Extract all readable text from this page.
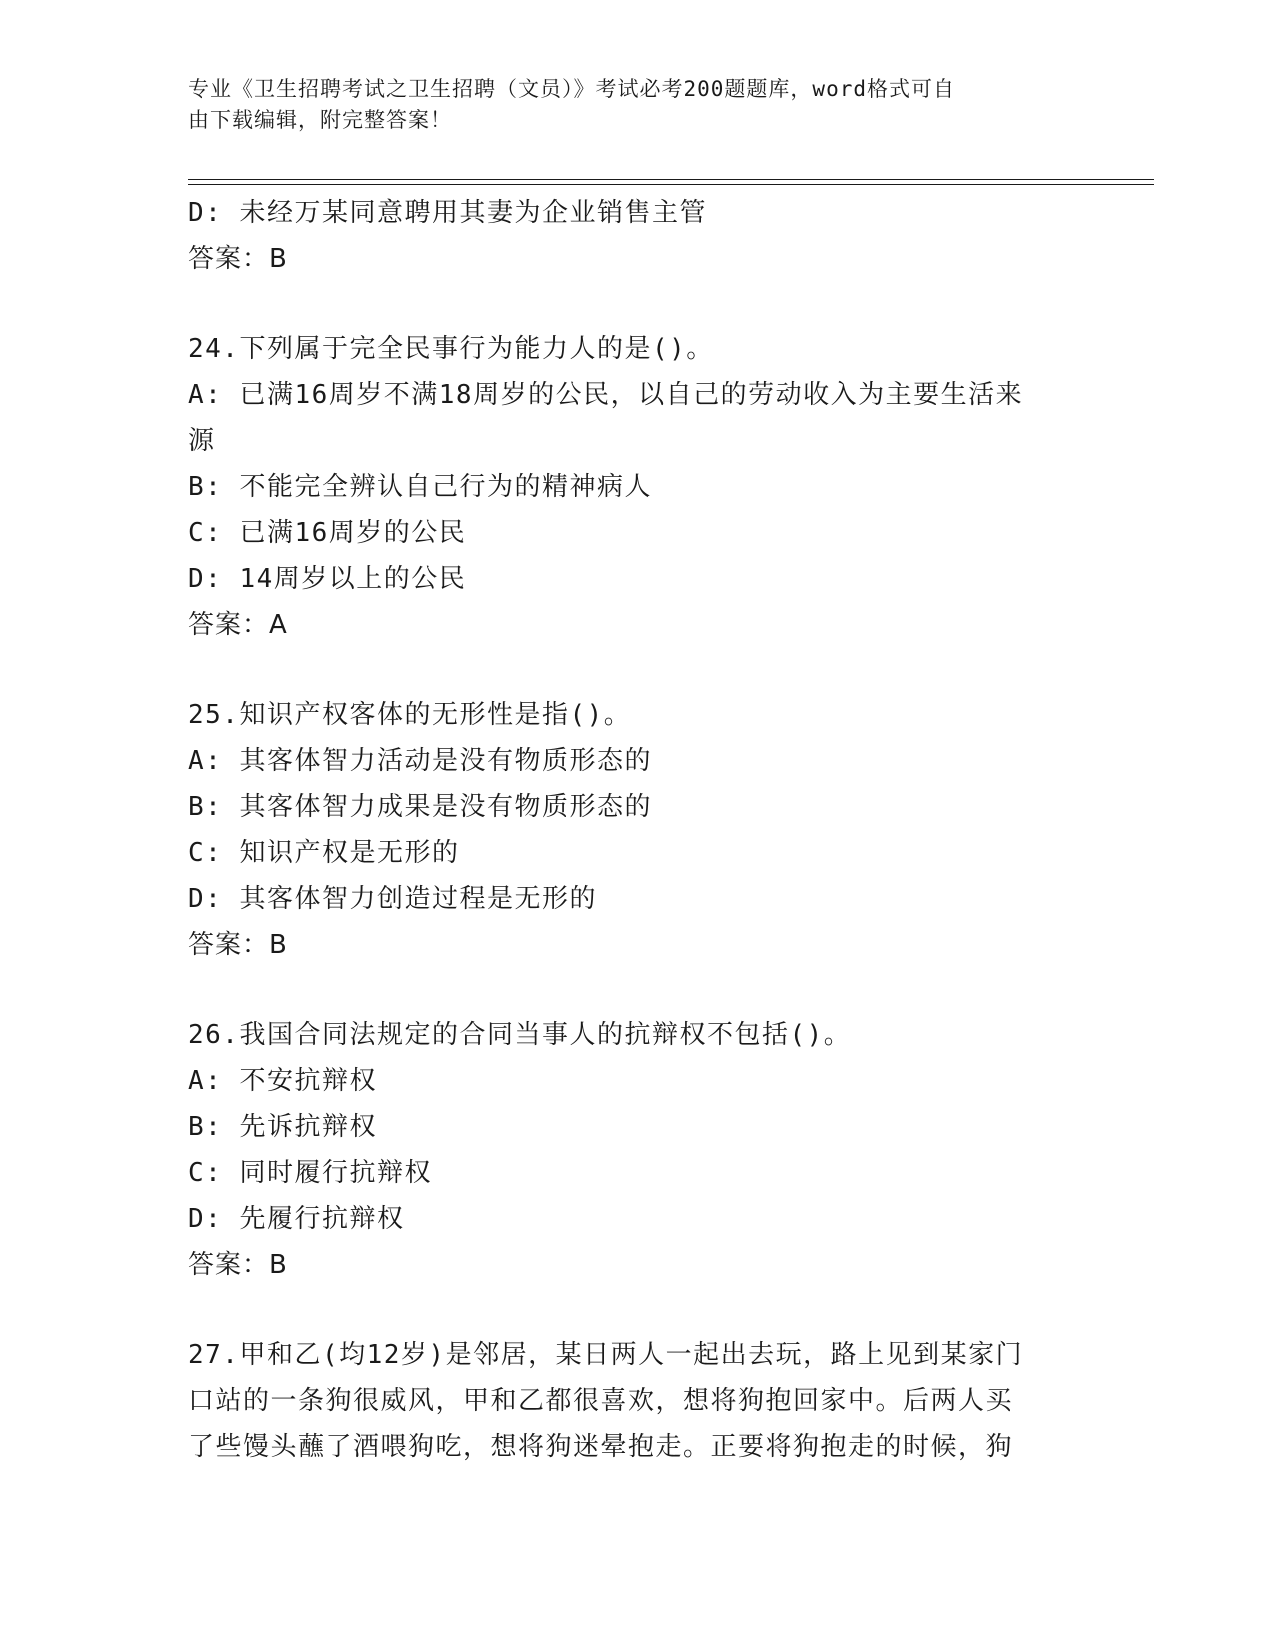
专业《卫生招聘考试之卫生招聘（文员）》考试必考200题题库，word格式可自
由下载编辑，附完整答案！
D: 未经万某同意聘用其妻为企业销售主管
答案：B
24.下列属于完全民事行为能力人的是()。
A: 已满16周岁不满18周岁的公民，以自己的劳动收入为主要生活来
源
B: 不能完全辨认自己行为的精神病人
C: 已满16周岁的公民
D: 14周岁以上的公民
答案：A
25.知识产权客体的无形性是指()。
A: 其客体智力活动是没有物质形态的
B: 其客体智力成果是没有物质形态的
C: 知识产权是无形的
D: 其客体智力创造过程是无形的
答案：B
26.我国合同法规定的合同当事人的抗辩权不包括()。
A: 不安抗辩权
B: 先诉抗辩权
C: 同时履行抗辩权
D: 先履行抗辩权
答案：B
27.甲和乙(均12岁)是邻居，某日两人一起出去玩，路上见到某家门
口站的一条狗很威风，甲和乙都很喜欢，想将狗抱回家中。后两人买
了些馒头蘸了酒喂狗吃，想将狗迷晕抱走。正要将狗抱走的时候，狗
